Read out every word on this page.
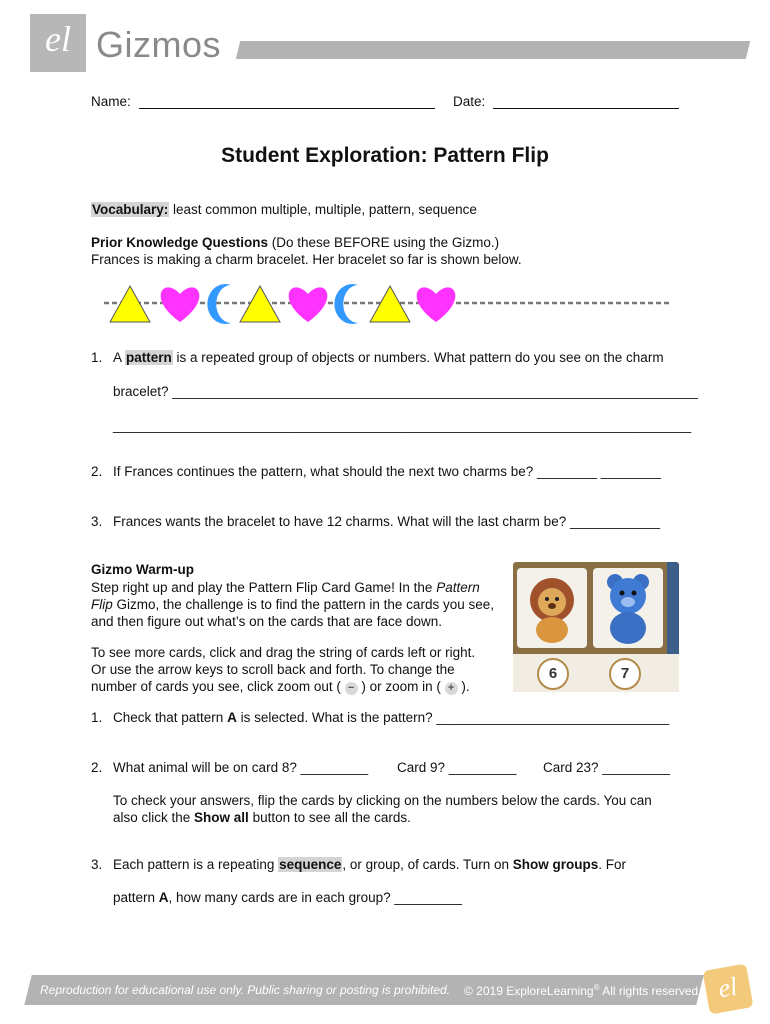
el Gizmos
Name:	Date:
Student Exploration: Pattern Flip
Vocabulary: least common multiple, multiple, pattern, sequence
Prior Knowledge Questions (Do these BEFORE using the Gizmo.)
Frances is making a charm bracelet. Her bracelet so far is shown below.
1. A pattern is a repeated group of objects or numbers. What pattern do you see on the charm
bracelet? ______________________________________________________________________
_____________________________________________________________________________
2. If Frances continues the pattern, what should the next two charms be? ________ ________
3. Frances wants the bracelet to have 12 charms. What will the last charm be? ____________
Gizmo Warm-up
Step right up and play the Pattern Flip Card Game! In the Pattern
Flip Gizmo, the challenge is to find the pattern in the cards you see,
and then figure out what’s on the cards that are face down.
To see more cards, click and drag the string of cards left or right.
Or use the arrow keys to scroll back and forth. To change the
number of cards you see, click zoom out ( − ) or zoom in ( + ).
6	7
1. Check that pattern A is selected. What is the pattern? _______________________________
2. What animal will be on card 8? _________ Card 9? _________ Card 23? _________
To check your answers, flip the cards by clicking on the numbers below the cards. You can
also click the Show all button to see all the cards.
3. Each pattern is a repeating sequence, or group, of cards. Turn on Show groups. For
pattern A, how many cards are in each group? _________
Reproduction for educational use only. Public sharing or posting is prohibited. © 2019 ExploreLearning® All rights reserved el
